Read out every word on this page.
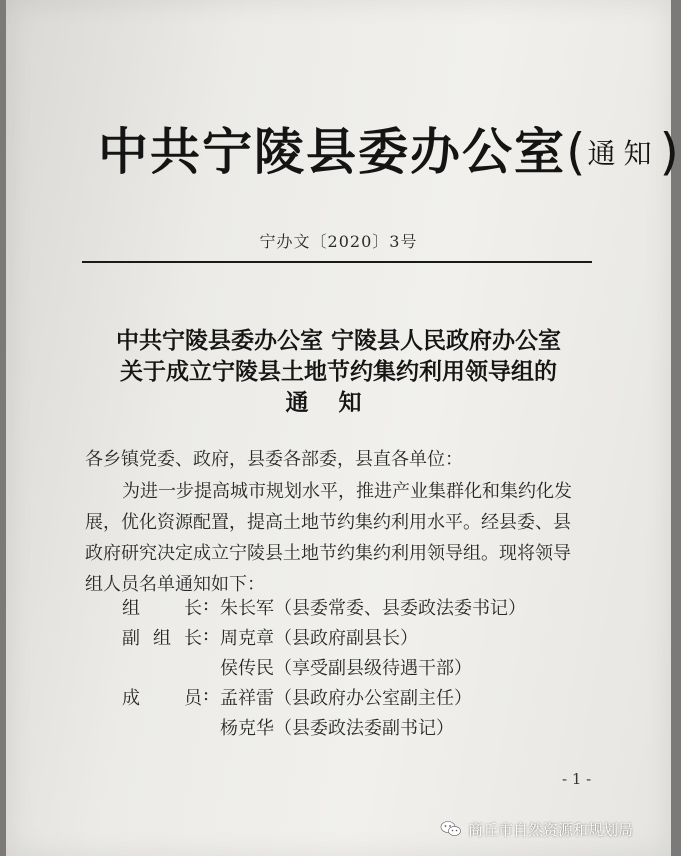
中共宁陵县委办公室(通知)
宁办文〔2020〕3号
中共宁陵县委办公室 宁陵县人民政府办公室
关于成立宁陵县土地节约集约利用领导组的
通知
各乡镇党委、政府，县委各部委，县直各单位：
为进一步提高城市规划水平，推进产业集群化和集约化发
展，优化资源配置，提高土地节约集约利用水平。经县委、县
政府研究决定成立宁陵县土地节约集约利用领导组。现将领导
组人员名单通知如下：
组长 : 朱长军（县委常委、县委政法委书记）
副组长 : 周克章（县政府副县长）
侯传民（享受副县级待遇干部）
成员 : 孟祥雷（县政府办公室副主任）
杨克华（县委政法委副书记）
- 1 -
商丘市自然资源和规划局
